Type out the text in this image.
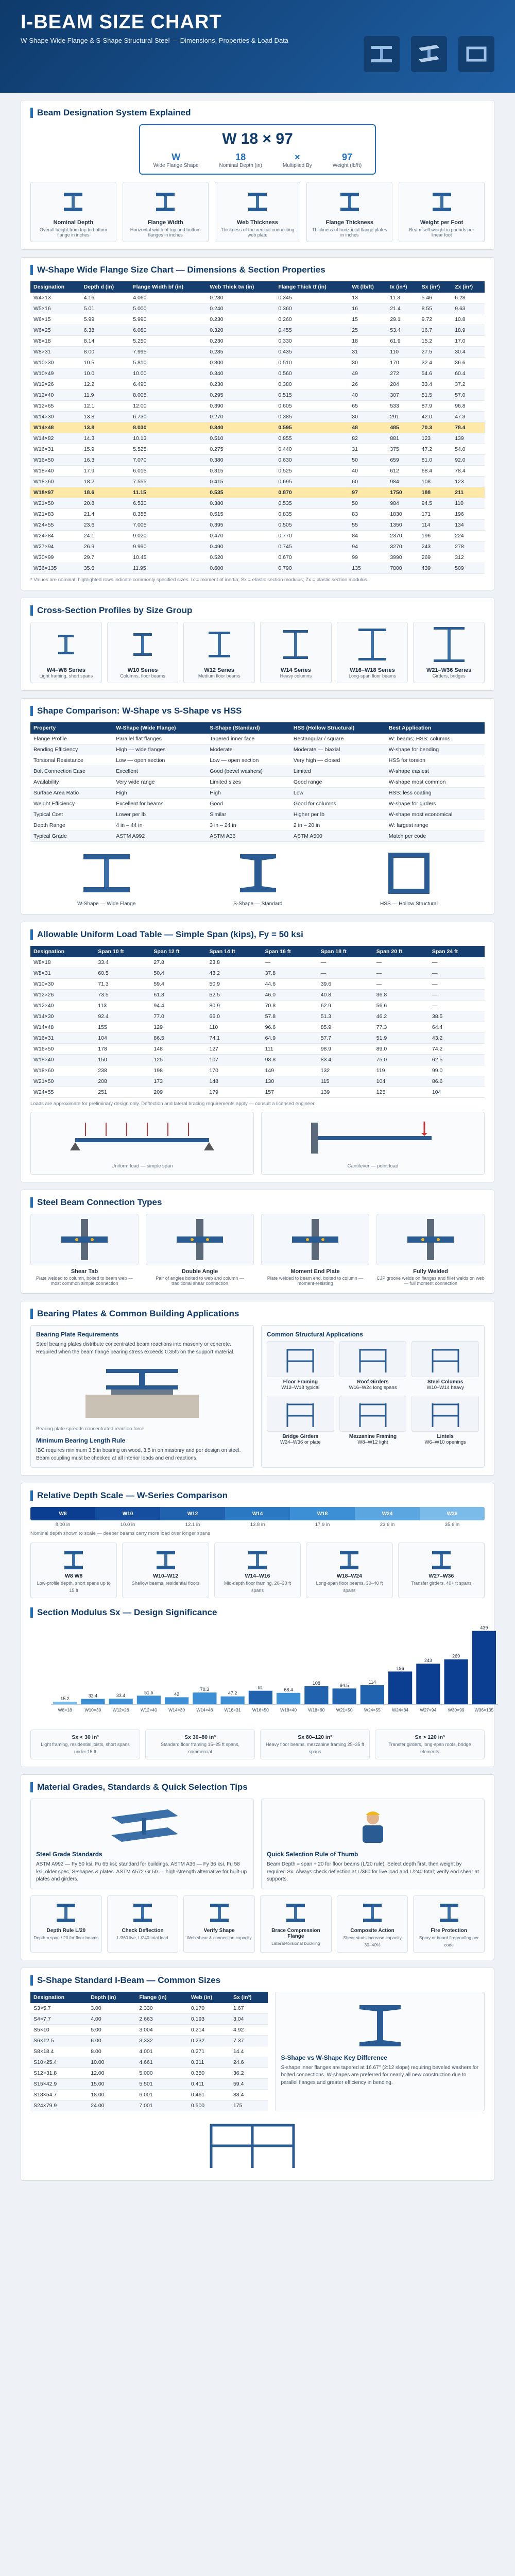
I-BEAM SIZE CHART
W-Shape Wide Flange & S-Shape Structural Steel — Dimensions, Properties & Load Data
Beam Designation System Explained
W 18 × 97
W
Wide Flange Shape
18
Nominal Depth (in)
×
Multiplied By
97
Weight (lb/ft)
Nominal Depth
Overall height from top to bottom flange in inches
Flange Width
Horizontal width of top and bottom flanges in inches
Web Thickness
Thickness of the vertical connecting web plate
Flange Thickness
Thickness of horizontal flange plates in inches
Weight per Foot
Beam self-weight in pounds per linear foot
W-Shape Wide Flange Size Chart — Dimensions & Section Properties
Designation	Depth d (in)	Flange Width bf (in)	Web Thick tw (in)	Flange Thick tf (in)	Wt (lb/ft)	Ix (in⁴)	Sx (in³)	Zx (in³)
W4×13	4.16	4.060	0.280	0.345	13	11.3	5.46	6.28
W5×16	5.01	5.000	0.240	0.360	16	21.4	8.55	9.63
W6×15	5.99	5.990	0.230	0.260	15	29.1	9.72	10.8
W6×25	6.38	6.080	0.320	0.455	25	53.4	16.7	18.9
W8×18	8.14	5.250	0.230	0.330	18	61.9	15.2	17.0
W8×31	8.00	7.995	0.285	0.435	31	110	27.5	30.4
W10×30	10.5	5.810	0.300	0.510	30	170	32.4	36.6
W10×49	10.0	10.00	0.340	0.560	49	272	54.6	60.4
W12×26	12.2	6.490	0.230	0.380	26	204	33.4	37.2
W12×40	11.9	8.005	0.295	0.515	40	307	51.5	57.0
W12×65	12.1	12.00	0.390	0.605	65	533	87.9	96.8
W14×30	13.8	6.730	0.270	0.385	30	291	42.0	47.3
W14×48	13.8	8.030	0.340	0.595	48	485	70.3	78.4
W14×82	14.3	10.13	0.510	0.855	82	881	123	139
W16×31	15.9	5.525	0.275	0.440	31	375	47.2	54.0
W16×50	16.3	7.070	0.380	0.630	50	659	81.0	92.0
W18×40	17.9	6.015	0.315	0.525	40	612	68.4	78.4
W18×60	18.2	7.555	0.415	0.695	60	984	108	123
W18×97	18.6	11.15	0.535	0.870	97	1750	188	211
W21×50	20.8	6.530	0.380	0.535	50	984	94.5	110
W21×83	21.4	8.355	0.515	0.835	83	1830	171	196
W24×55	23.6	7.005	0.395	0.505	55	1350	114	134
W24×84	24.1	9.020	0.470	0.770	84	2370	196	224
W27×94	26.9	9.990	0.490	0.745	94	3270	243	278
W30×99	29.7	10.45	0.520	0.670	99	3990	269	312
W36×135	35.6	11.95	0.600	0.790	135	7800	439	509
* Values are nominal; highlighted rows indicate commonly specified sizes. Ix = moment of inertia; Sx = elastic section modulus; Zx = plastic section modulus.
Cross-Section Profiles by Size Group
W4–W8 Series
Light framing, short spans
W10 Series
Columns, floor beams
W12 Series
Medium floor beams
W14 Series
Heavy columns
W16–W18 Series
Long-span floor beams
W21–W36 Series
Girders, bridges
Shape Comparison: W-Shape vs S-Shape vs HSS
Property	W-Shape (Wide Flange)	S-Shape (Standard)	HSS (Hollow Structural)	Best Application
Flange Profile	Parallel flat flanges	Tapered inner face	Rectangular / square	W: beams; HSS: columns
Bending Efficiency	High — wide flanges	Moderate	Moderate — biaxial	W-shape for bending
Torsional Resistance	Low — open section	Low — open section	Very high — closed	HSS for torsion
Bolt Connection Ease	Excellent	Good (bevel washers)	Limited	W-shape easiest
Availability	Very wide range	Limited sizes	Good range	W-shape most common
Surface Area Ratio	High	High	Low	HSS: less coating
Weight Efficiency	Excellent for beams	Good	Good for columns	W-shape for girders
Typical Cost	Lower per lb	Similar	Higher per lb	W-shape most economical
Depth Range	4 in – 44 in	3 in – 24 in	2 in – 20 in	W: largest range
Typical Grade	ASTM A992	ASTM A36	ASTM A500	Match per code
W-Shape — Wide Flange	S-Shape — Standard	HSS — Hollow Structural
Allowable Uniform Load Table — Simple Span (kips), Fy = 50 ksi
Designation	Span 10 ft	Span 12 ft	Span 14 ft	Span 16 ft	Span 18 ft	Span 20 ft	Span 24 ft
W8×18	33.4	27.8	23.8	—	—	—	—
W8×31	60.5	50.4	43.2	37.8	—	—	—
W10×30	71.3	59.4	50.9	44.6	39.6	—	—
W12×26	73.5	61.3	52.5	46.0	40.8	36.8	—
W12×40	113	94.4	80.9	70.8	62.9	56.6	—
W14×30	92.4	77.0	66.0	57.8	51.3	46.2	38.5
W14×48	155	129	110	96.6	85.9	77.3	64.4
W16×31	104	86.5	74.1	64.9	57.7	51.9	43.2
W16×50	178	148	127	111	98.9	89.0	74.2
W18×40	150	125	107	93.8	83.4	75.0	62.5
W18×60	238	198	170	149	132	119	99.0
W21×50	208	173	148	130	115	104	86.6
W24×55	251	209	179	157	139	125	104
Loads are approximate for preliminary design only. Deflection and lateral bracing requirements apply — consult a licensed engineer.
Uniform load — simple span	Cantilever — point load
Steel Beam Connection Types
Shear Tab
Plate welded to column, bolted to beam web — most common simple connection
Double Angle
Pair of angles bolted to web and column — traditional shear connection
Moment End Plate
Plate welded to beam end, bolted to column — moment-resisting
Fully Welded
CJP groove welds on flanges and fillet welds on web — full moment connection
Bearing Plates & Common Building Applications
Bearing Plate Requirements

Steel bearing plates distribute concentrated beam reactions into masonry or concrete. Required when the beam flange bearing stress exceeds 0.35fc on the support material.

Bearing plate spreads concentrated reaction force
Minimum Bearing Length Rule

IBC requires minimum 3.5 in bearing on wood, 3.5 in on masonry and per design on steel. Beam coupling must be checked at all interior loads and end reactions.

Common Structural Applications
Floor Framing
W12–W18 typical
Roof Girders
W16–W24 long spans
Steel Columns
W10–W14 heavy
Bridge Girders
W24–W36 or plate
Mezzanine Framing
W8–W12 light
Lintels
W6–W10 openings
Relative Depth Scale — W-Series Comparison
W8	W10	W12	W14	W18	W24	W36
8.00 in	10.0 in	12.1 in	13.8 in	17.9 in	23.6 in	35.6 in
Nominal depth shown to scale — deeper beams carry more load over longer spans
W8 W8
Low-profile depth, short spans up to 15 ft
W10–W12
Shallow beams, residential floors
W14–W16
Mid-depth floor framing, 20–30 ft spans
W18–W24
Long-span floor beams, 30–40 ft spans
W27–W36
Transfer girders, 40+ ft spans
Section Modulus Sx — Design Significance
15.2
W8×18
32.4
W10×30
33.4
W12×26
51.5
W12×40
42
W14×30
70.3
W14×48
47.2
W16×31
81
W16×50
68.4
W18×40
108
W18×60
94.5
W21×50
114
W24×55
196
W24×84
243
W27×94
269
W30×99
439
W36×135
Sx < 30 in³
Light framing, residential joists, short spans under 15 ft
Sx 30–80 in³
Standard floor framing 15–25 ft spans, commercial
Sx 80–120 in³
Heavy floor beams, mezzanine framing 25–35 ft spans
Sx > 120 in³
Transfer girders, long-span roofs, bridge elements
Material Grades, Standards & Quick Selection Tips
Steel Grade Standards

ASTM A992 — Fy 50 ksi, Fu 65 ksi; standard for buildings. ASTM A36 — Fy 36 ksi, Fu 58 ksi; older spec, S-shapes & plates. ASTM A572 Gr.50 — high-strength alternative for built-up plates and girders.

Quick Selection Rule of Thumb

Beam Depth ≈ span ÷ 20 for floor beams (L/20 rule). Select depth first, then weight by required Sx. Always check deflection at L/360 for live load and L/240 total; verify end shear at supports.

Depth Rule L/20
Depth ≈ span / 20 for floor beams
Check Deflection
L/360 live, L/240 total load
Verify Shape
Web shear & connection capacity
Brace Compression Flange
Lateral-torsional buckling
Composite Action
Shear studs increase capacity 30–40%
Fire Protection
Spray or board fireproofing per code
S-Shape Standard I-Beam — Common Sizes
Designation	Depth (in)	Flange (in)	Web (in)	Sx (in³)
S3×5.7	3.00	2.330	0.170	1.67
S4×7.7	4.00	2.663	0.193	3.04
S5×10	5.00	3.004	0.214	4.92
S6×12.5	6.00	3.332	0.232	7.37
S8×18.4	8.00	4.001	0.271	14.4
S10×25.4	10.00	4.661	0.311	24.6
S12×31.8	12.00	5.000	0.350	36.2
S15×42.9	15.00	5.501	0.411	59.4
S18×54.7	18.00	6.001	0.461	88.4
S24×79.9	24.00	7.001	0.500	175
S-Shape vs W-Shape Key Difference

S-shape inner flanges are tapered at 16.67° (2:12 slope) requiring beveled washers for bolted connections. W-shapes are preferred for nearly all new construction due to parallel flanges and greater efficiency in bending.
